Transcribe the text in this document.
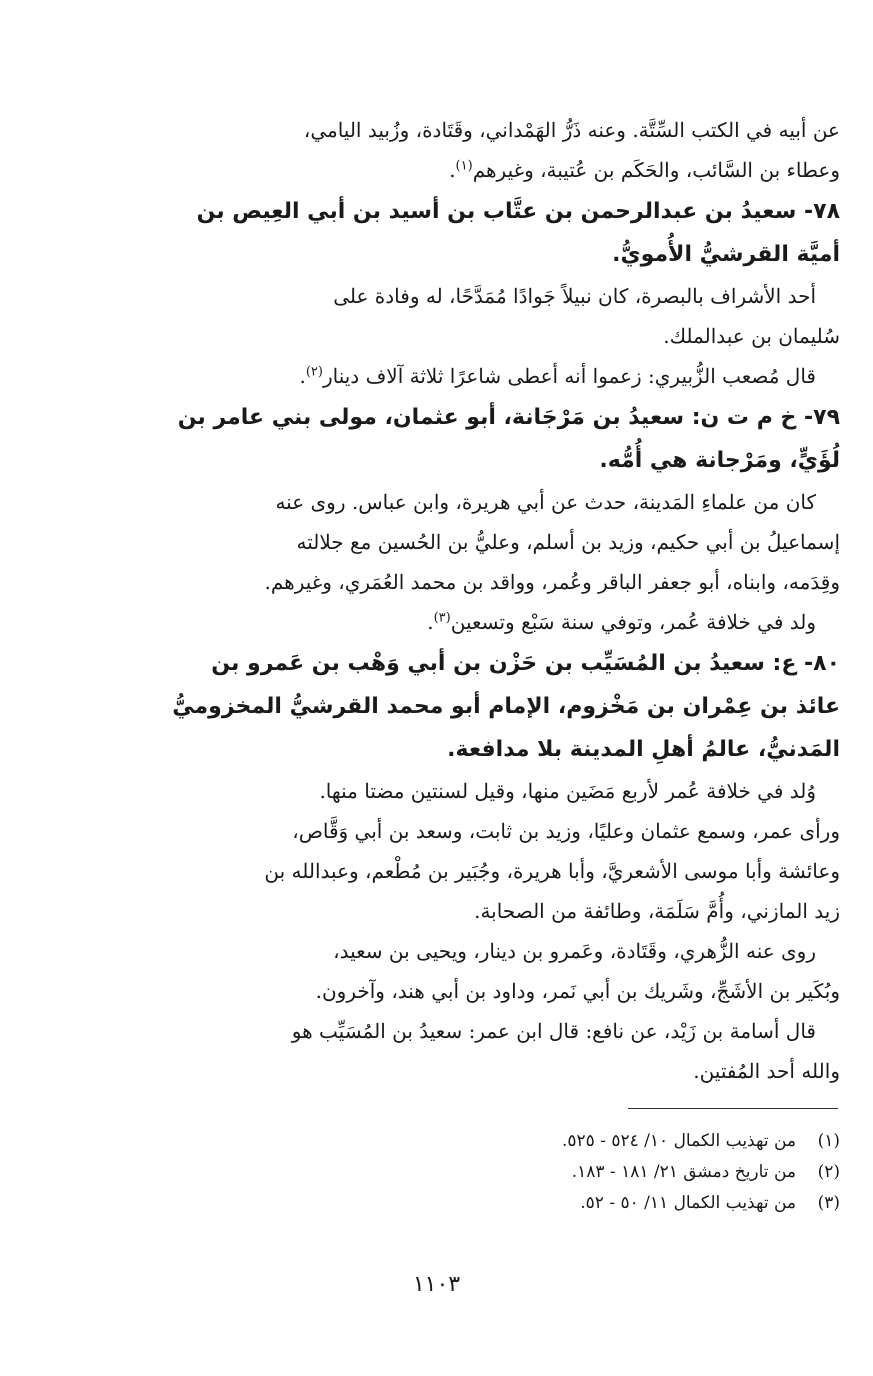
عن أبيه في الكتب السِّتَّة. وعنه ذَرُّ الهَمْداني، وقَتَادة، وزُبيد اليامي،
وعطاء بن السَّائب، والحَكَم بن عُتيبة، وغيرهم$^{(١)}$.
٧٨- سعيدُ بن عبدالرحمن بن عتَّاب بن أسيد بن أبي العِيص بن
أميَّة القرشيُّ الأُمويُّ.
أحد الأشراف بالبصرة، كان نبيلاً جَوادًا مُمَدَّحًا، له وفادة على
سُليمان بن عبدالملك.
قال مُصعب الزُّبيري: زعموا أنه أعطى شاعرًا ثلاثة آلاف دينار$^{(٢)}$.
٧٩- خ م ت ن: سعيدُ بن مَرْجَانة، أبو عثمان، مولى بني عامر بن
لُؤَيٍّ، ومَرْجانة هي أُمُّه.
كان من علماءِ المَدينة، حدث عن أبي هريرة، وابن عباس. روى عنه
إسماعيلُ بن أبي حكيم، وزيد بن أسلم، وعليُّ بن الحُسين مع جلالته
وقِدَمه، وابناه، أبو جعفر الباقر وعُمر، وواقد بن محمد العُمَري، وغيرهم.
ولد في خلافة عُمر، وتوفي سنة سَبْع وتسعين$^{(٣)}$.
٨٠- ع: سعيدُ بن المُسَيِّب بن حَزْن بن أبي وَهْب بن عَمرو بن
عائذ بن عِمْران بن مَخْزوم، الإمام أبو محمد القرشيُّ المخزوميُّ
المَدنيُّ، عالمُ أهلِ المدينة بلا مدافعة.
وُلد في خلافة عُمر لأربع مَضَين منها، وقيل لسنتين مضتا منها.
ورأى عمر، وسمع عثمان وعليًا، وزيد بن ثابت، وسعد بن أبي وَقَّاص،
وعائشة وأبا موسى الأشعريَّ، وأبا هريرة، وجُبَير بن مُطْعم، وعبدالله بن
زيد المازني، وأُمَّ سَلَمَة، وطائفة من الصحابة.
روى عنه الزُّهري، وقَتَادة، وعَمرو بن دينار، ويحيى بن سعيد،
وبُكَير بن الأشَجِّ، وشَريك بن أبي نَمر، وداود بن أبي هند، وآخرون.
قال أسامة بن زَيْد، عن نافع: قال ابن عمر: سعيدُ بن المُسَيِّب هو
والله أحد المُفتين.
(١)من تهذيب الكمال ١٠/ ٥٢٤ - ٥٢٥.
(٢)من تاريخ دمشق ٢١/ ١٨١ - ١٨٣.
(٣)من تهذيب الكمال ١١/ ٥٠ - ٥٢.
١١٠٣
